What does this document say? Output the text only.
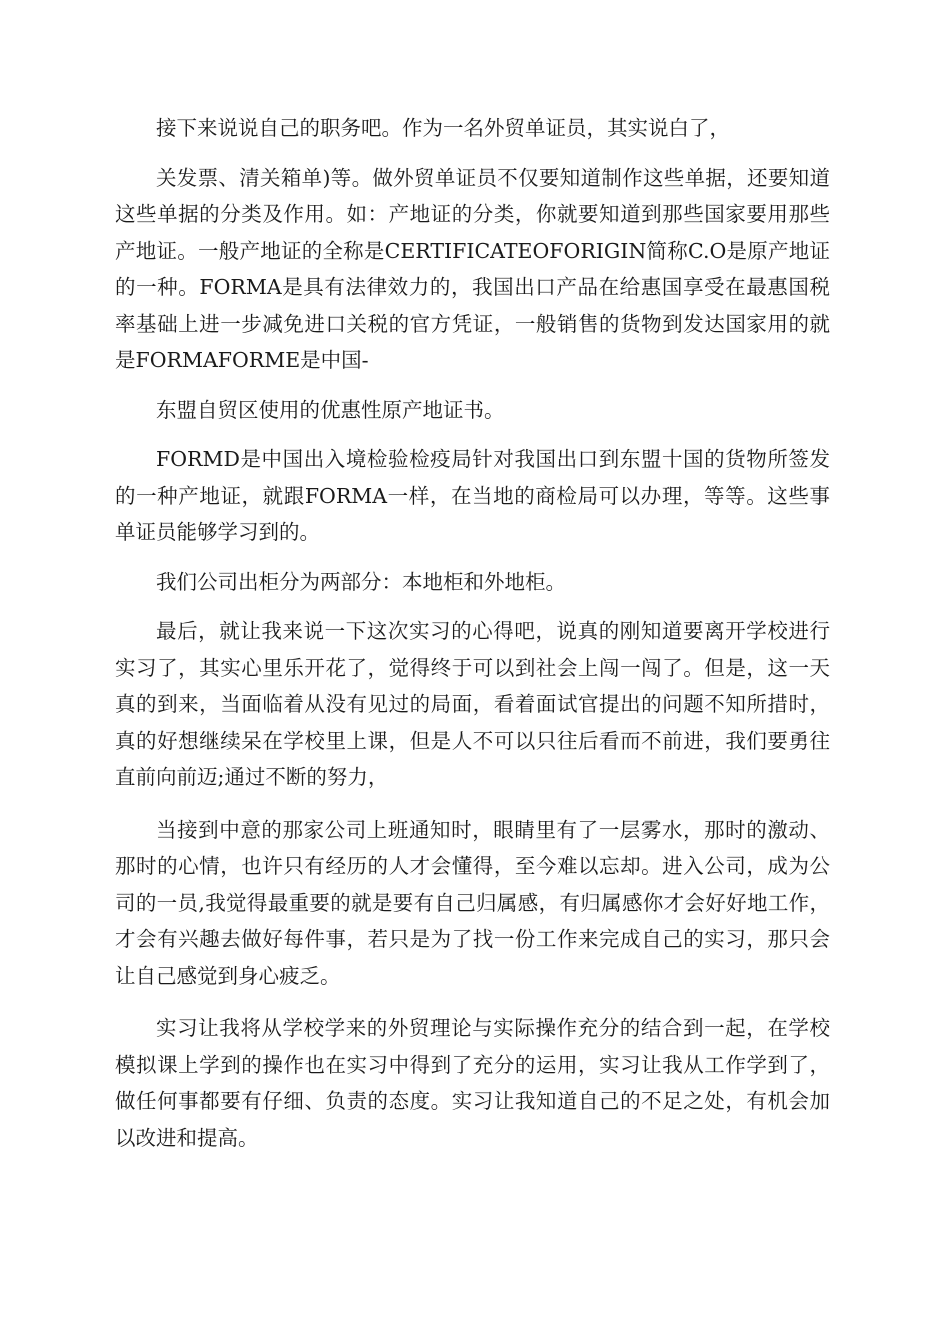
接下来说说自己的职务吧。作为一名外贸单证员，其实说白了，

关发票、清关箱单)等。做外贸单证员不仅要知道制作这些单据，还要知道这些单据的分类及作用。如：产地证的分类，你就要知道到那些国家要用那些产地证。一般产地证的全称是CERTIFICATEOFORIGIN简称C.O是原产地证的一种。FORMA是具有法律效力的，我国出口产品在给惠国享受在最惠国税率基础上进一步减免进口关税的官方凭证，一般销售的货物到发达国家用的就是FORMAFORME是中国-

东盟自贸区使用的优惠性原产地证书。

FORMD是中国出入境检验检疫局针对我国出口到东盟十国的货物所签发的一种产地证，就跟FORMA一样，在当地的商检局可以办理，等等。这些事单证员能够学习到的。

我们公司出柜分为两部分：本地柜和外地柜。

最后，就让我来说一下这次实习的心得吧，说真的刚知道要离开学校进行实习了，其实心里乐开花了，觉得终于可以到社会上闯一闯了。但是，这一天真的到来，当面临着从没有见过的局面，看着面试官提出的问题不知所措时，真的好想继续呆在学校里上课，但是人不可以只往后看而不前进，我们要勇往直前向前迈;通过不断的努力，

当接到中意的那家公司上班通知时，眼睛里有了一层雾水，那时的激动、那时的心情，也许只有经历的人才会懂得，至今难以忘却。进入公司，成为公司的一员,我觉得最重要的就是要有自己归属感，有归属感你才会好好地工作，才会有兴趣去做好每件事，若只是为了找一份工作来完成自己的实习，那只会让自己感觉到身心疲乏。

实习让我将从学校学来的外贸理论与实际操作充分的结合到一起，在学校模拟课上学到的操作也在实习中得到了充分的运用，实习让我从工作学到了，做任何事都要有仔细、负责的态度。实习让我知道自己的不足之处，有机会加以改进和提高。
